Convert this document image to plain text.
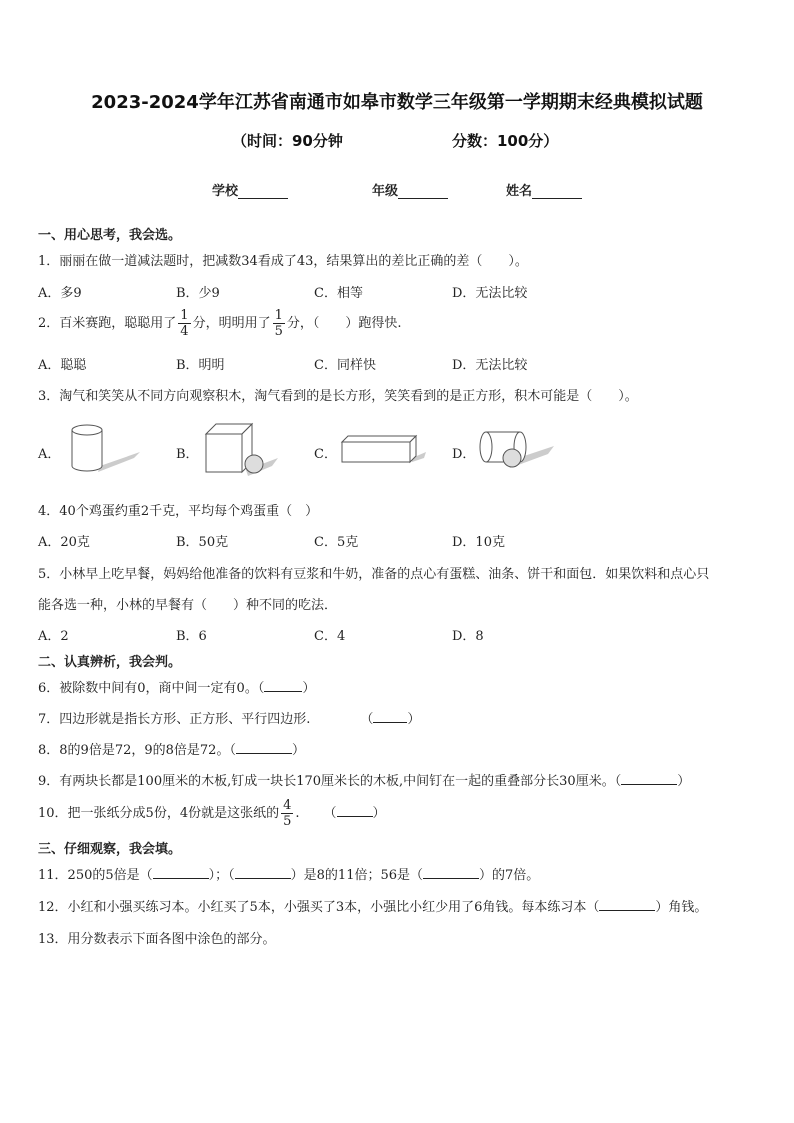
2023-2024学年江苏省南通市如皋市数学三年级第一学期期末经典模拟试题
（时间：90分钟	分数：100分）
学校	年级	姓名
一、用心思考，我会选。
1．丽丽在做一道减法题时，把减数34看成了43，结果算出的差比正确的差（　　）。
A．多9	B．少9	C．相等	D．无法比较
2．百米赛跑，聪聪用了 $\frac{1}{4}$ 分，明明用了 $\frac{1}{5}$ 分，（　　）跑得快.
A．聪聪	B．明明	C．同样快	D．无法比较
3．淘气和笑笑从不同方向观察积木，淘气看到的是长方形，笑笑看到的是正方形，积木可能是（　　）。
A．	B．	C．	D．
4．40个鸡蛋约重2千克，平均每个鸡蛋重（　）
A．20克	B．50克	C．5克	D．10克
5．小林早上吃早餐，妈妈给他准备的饮料有豆浆和牛奶，准备的点心有蛋糕、油条、饼干和面包．如果饮料和点心只
能各选一种，小林的早餐有（　　）种不同的吃法．
A．2	B．6	C．4	D．8
二、认真辨析，我会判。
6．被除数中间有0，商中间一定有0。（	）
7．四边形就是指长方形、正方形、平行四边形.	（	）
8．8的9倍是72，9的8倍是72。（	）
9．有两块长都是100厘米的木板,钉成一块长170厘米长的木板,中间钉在一起的重叠部分长30厘米。（	）
10．把一张纸分成5份，4份就是这张纸的 $\frac{4}{5}$ . （	）
三、仔细观察，我会填。
11．250的5倍是（	）；（	）是8的11倍；56是（	）的7倍。
12．小红和小强买练习本。小红买了5本，小强买了3本，小强比小红少用了6角钱。每本练习本（	）角钱。
13．用分数表示下面各图中涂色的部分。
